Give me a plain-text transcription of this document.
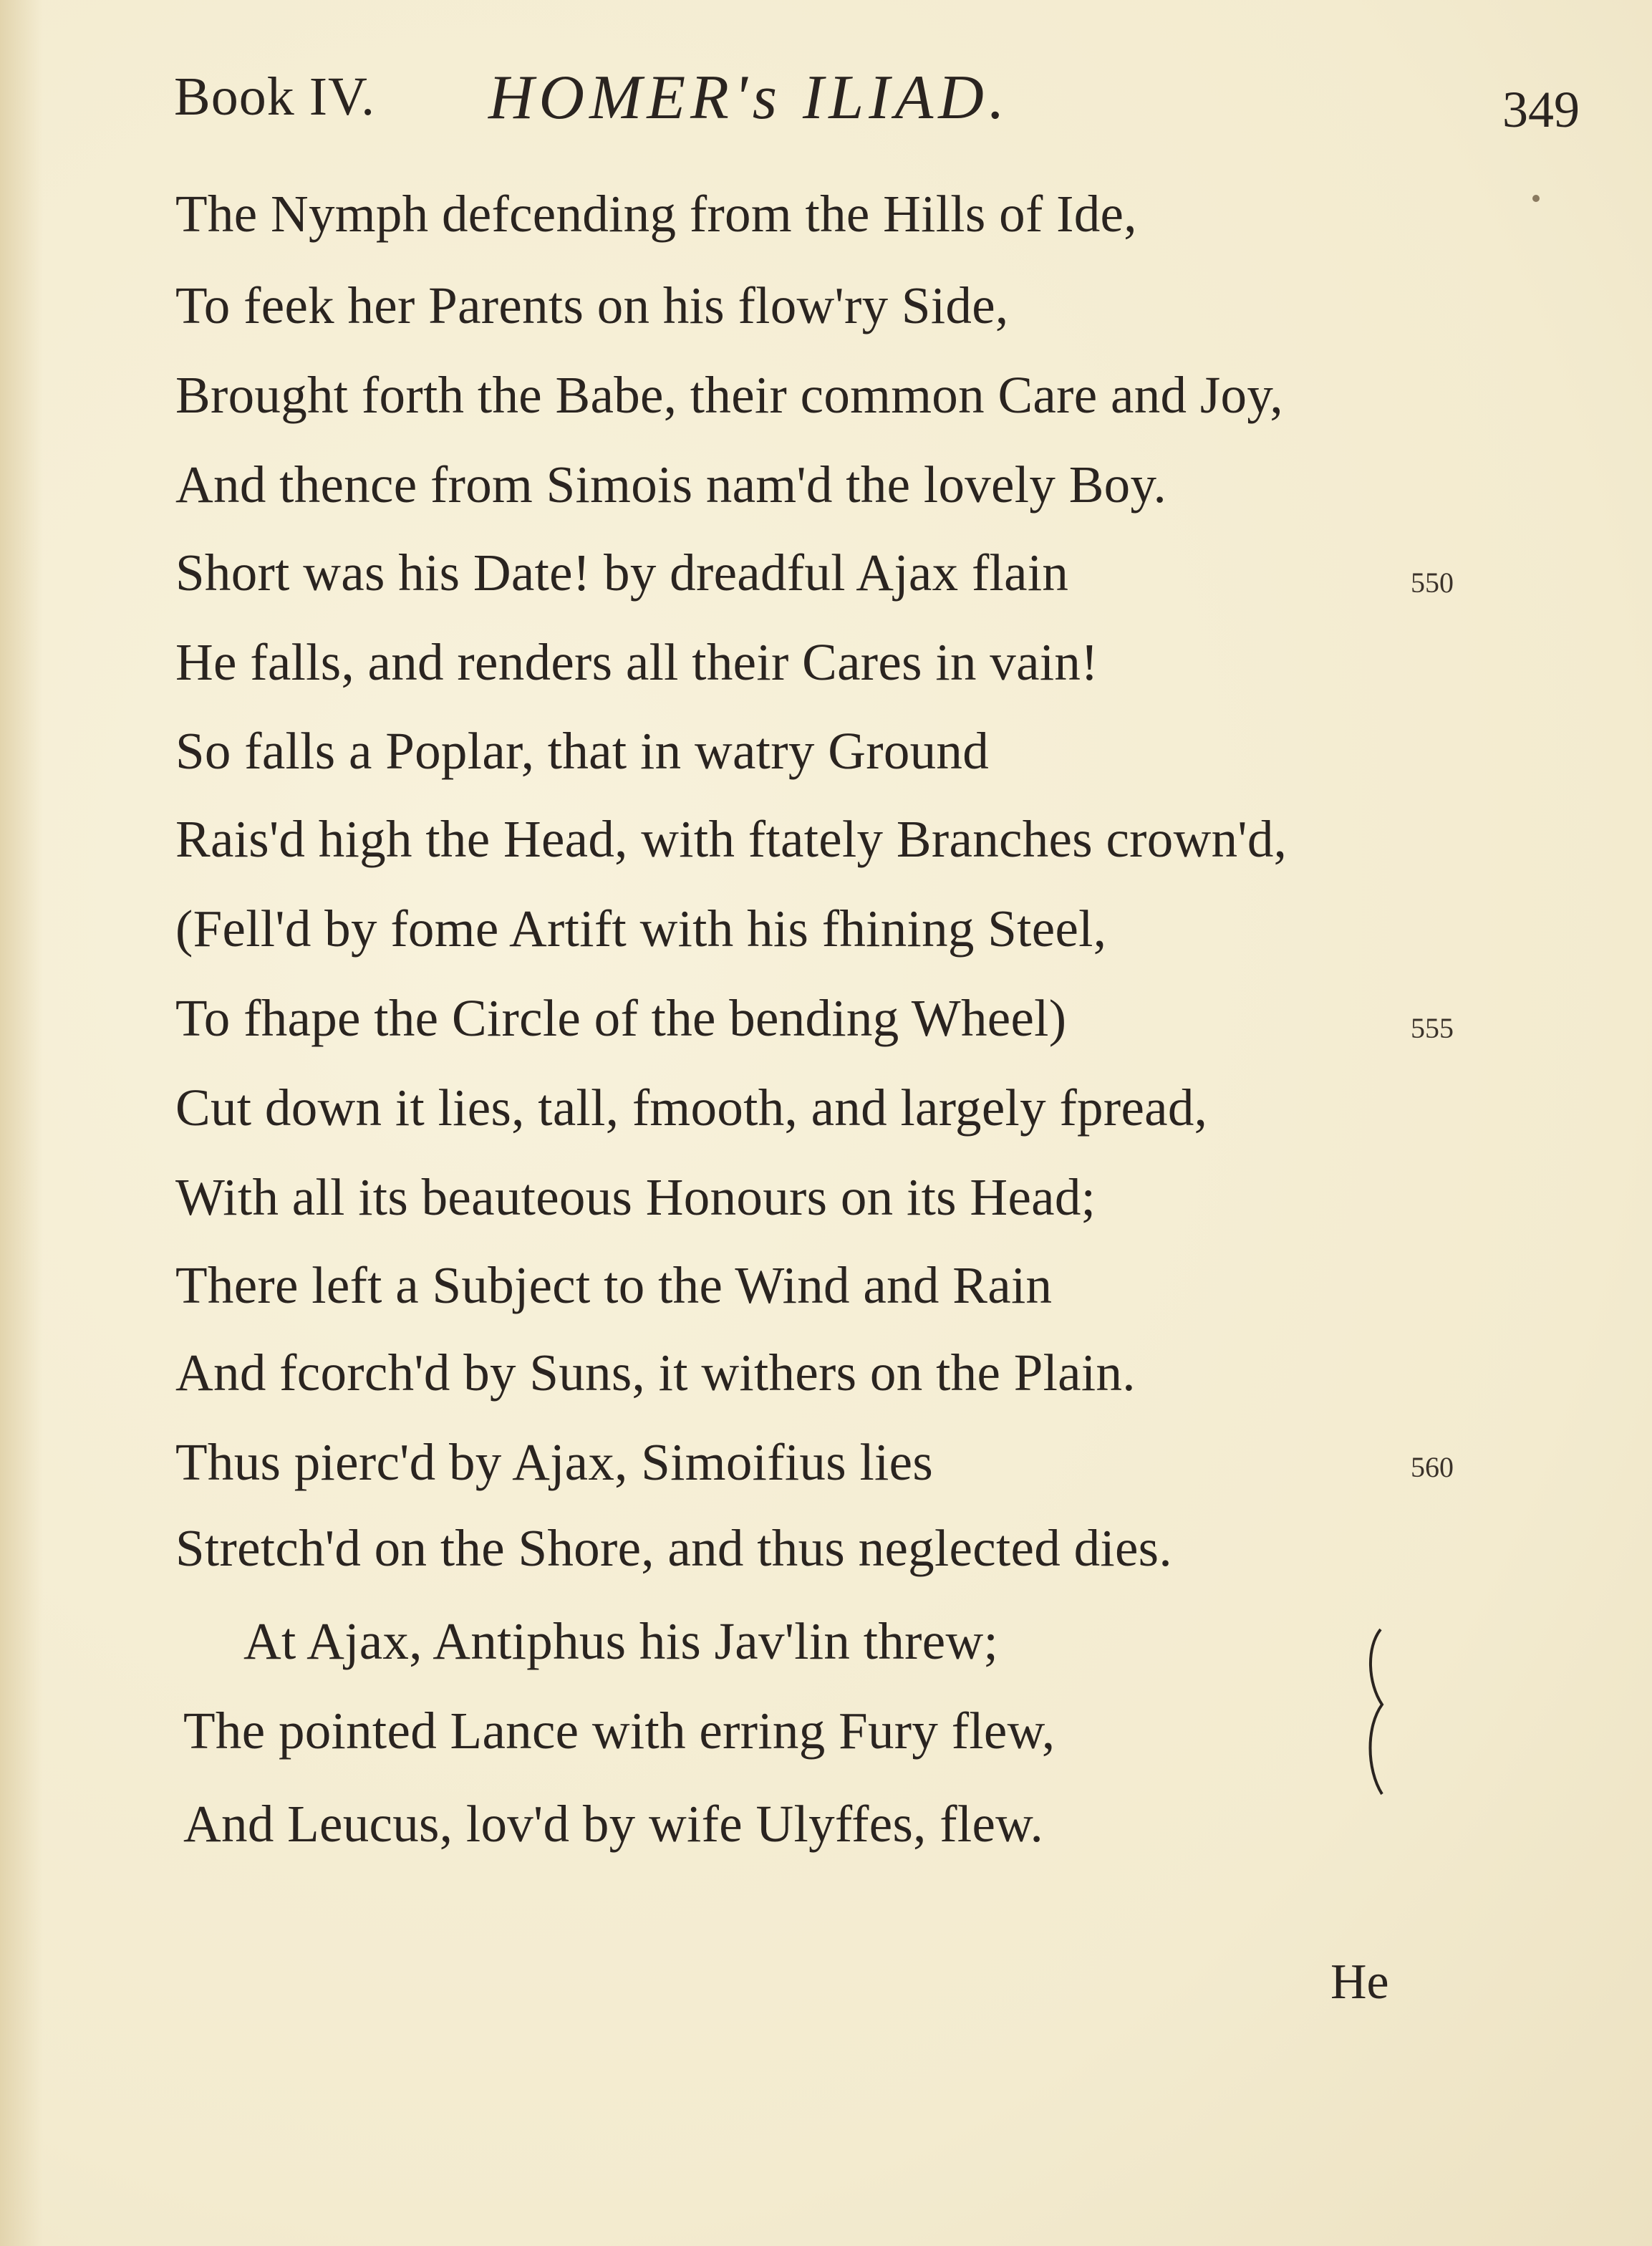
Book IV. HOMER's ILIAD.	349
The Nymph defcending from the Hills of Ide,
To feek her Parents on his flow'ry Side,
Brought forth the Babe, their common Care and Joy,
And thence from Simois nam'd the lovely Boy.
Short was his Date! by dreadful Ajax flain
He falls, and renders all their Cares in vain!
So falls a Poplar, that in watry Ground
Rais'd high the Head, with ftately Branches crown'd,
(Fell'd by fome Artift with his fhining Steel,
To fhape the Circle of the bending Wheel)
Cut down it lies, tall, fmooth, and largely fpread,
With all its beauteous Honours on its Head;
There left a Subject to the Wind and Rain
And fcorch'd by Suns, it withers on the Plain.
Thus pierc'd by Ajax, Simoifius lies
Stretch'd on the Shore, and thus neglected dies.
At Ajax, Antiphus his Jav'lin threw;
The pointed Lance with erring Fury flew,
And Leucus, lov'd by wife Ulyffes, flew.
550
555
560
He
